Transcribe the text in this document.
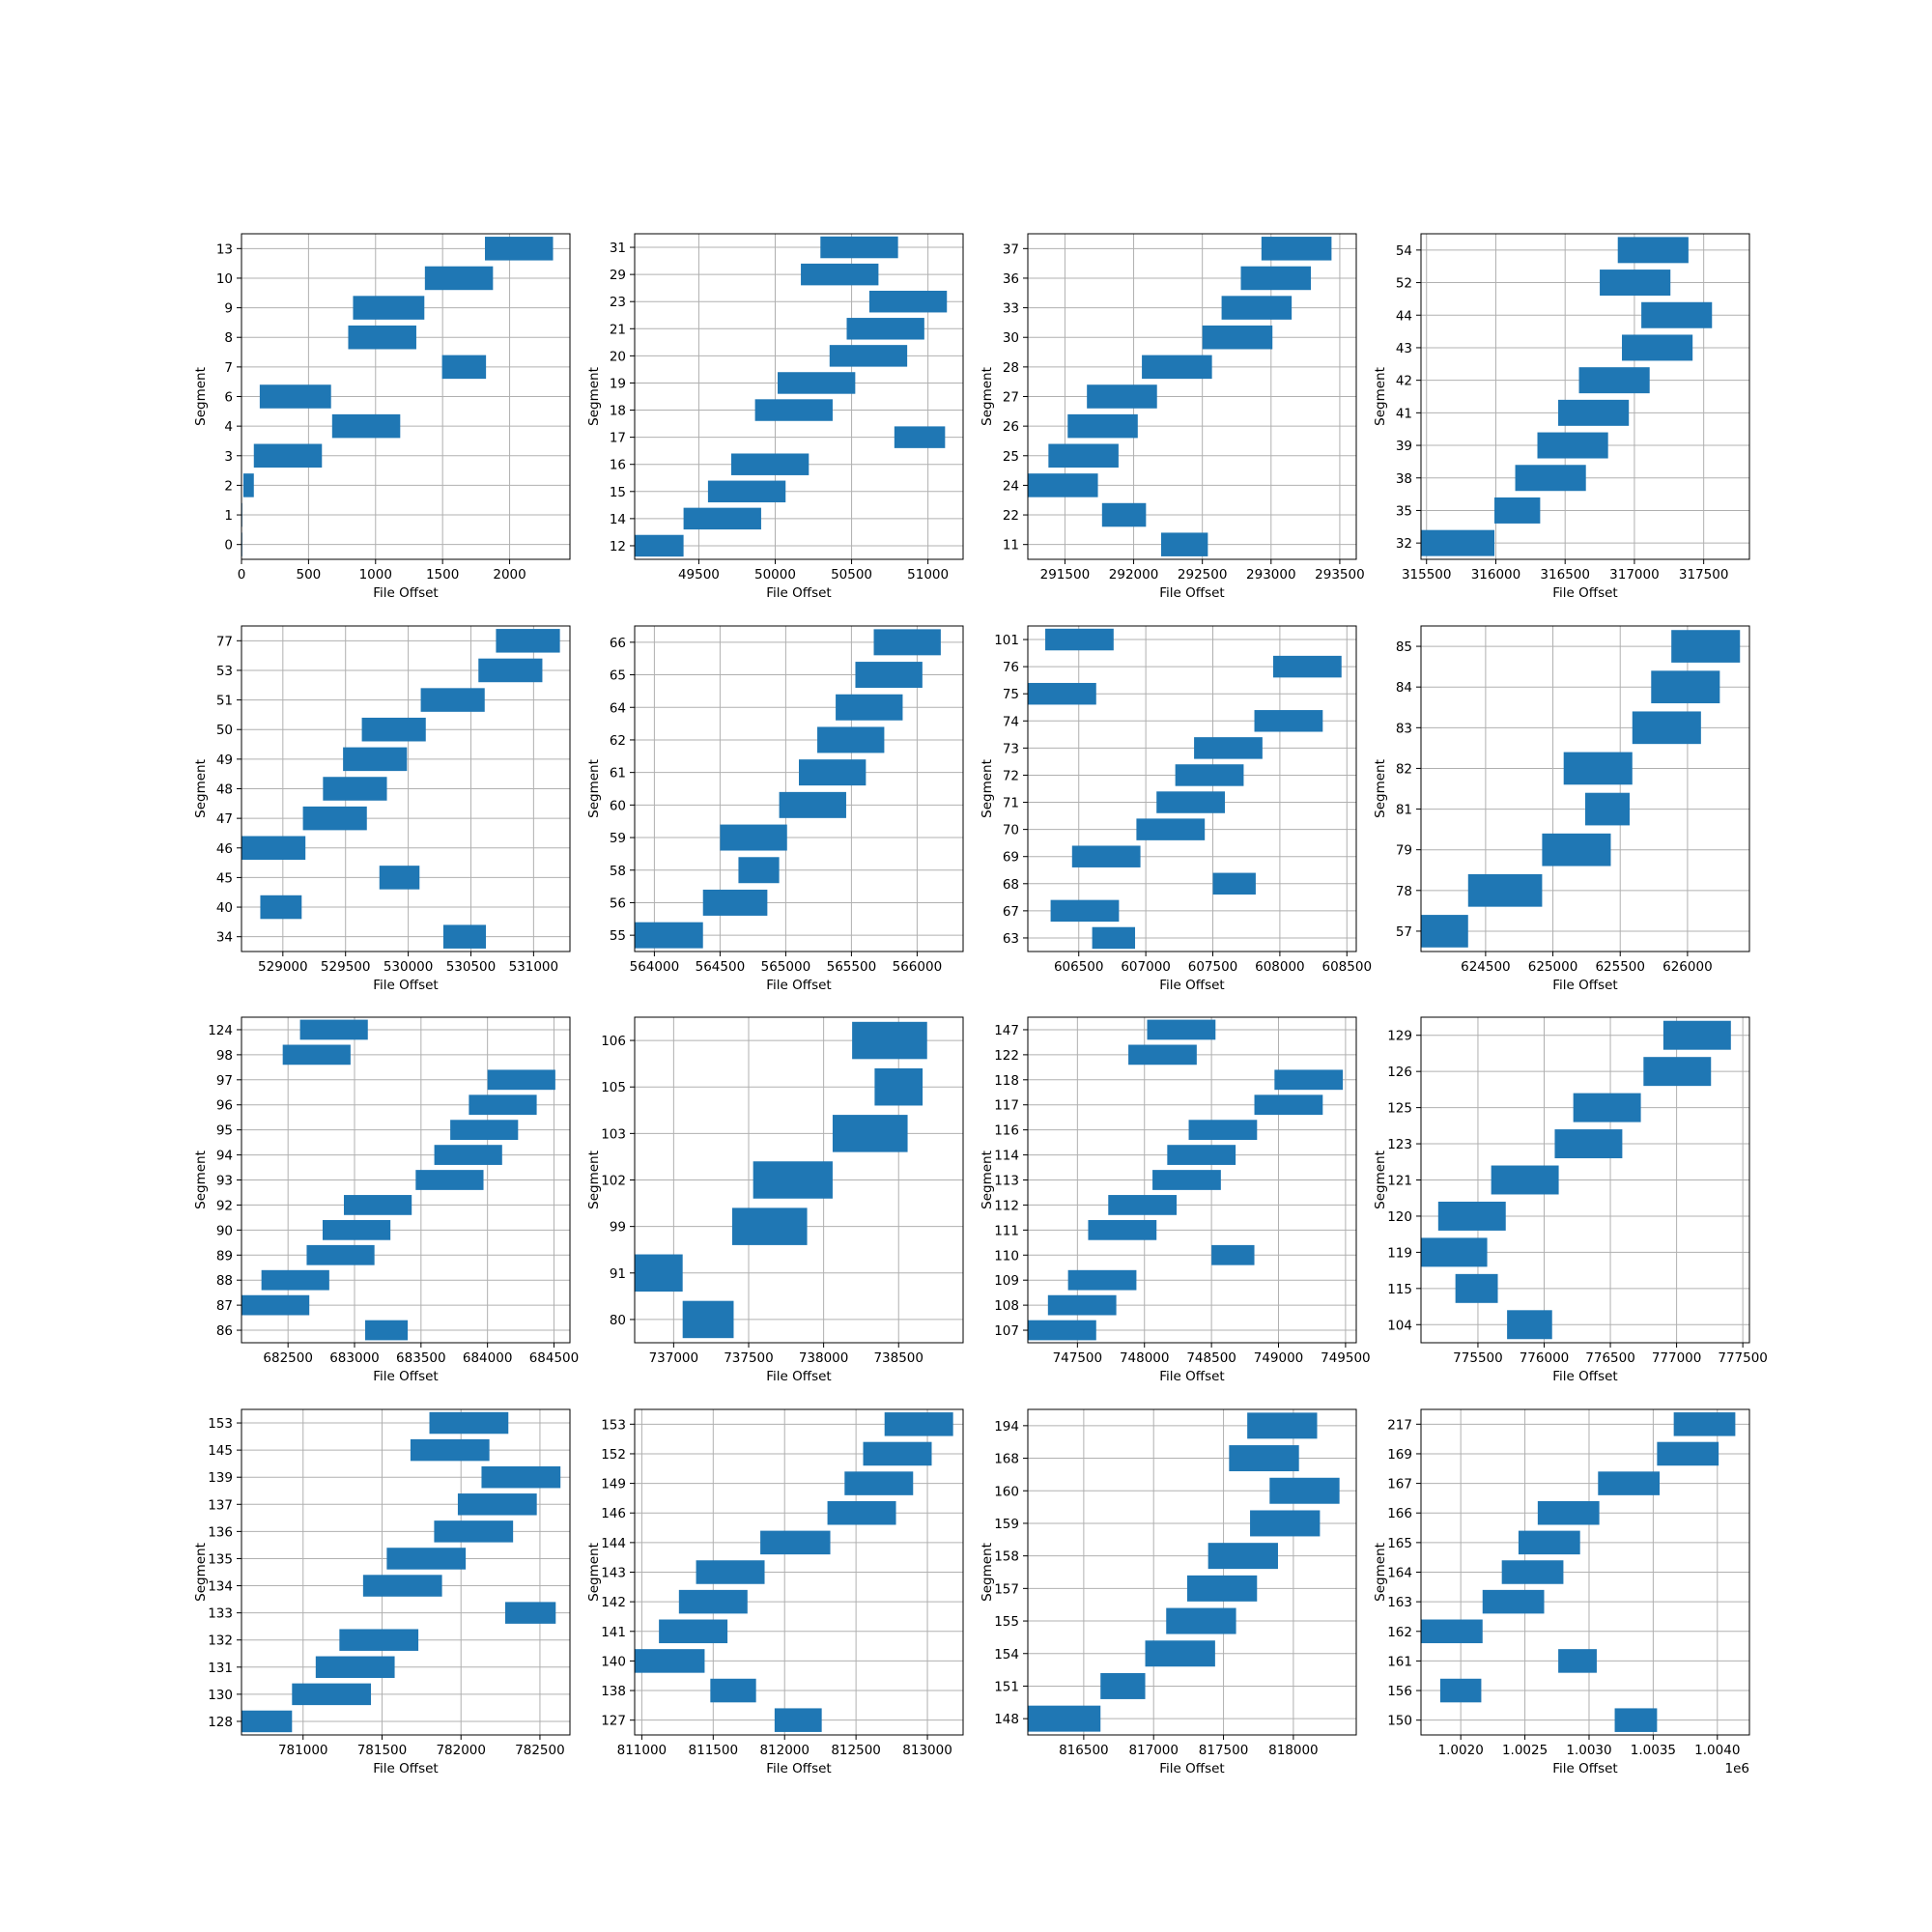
0	500	1000	1500	2000
0
1
2
3
4
6
7
8
9
10
13
File Offset
Segment
49500	50000	50500	51000
12
14
15
16
17
18
19
20
21
23
29
31
File Offset
Segment
291500 292000 292500 293000 293500
11
22
24
25
26
27
28
30
33
36
37
File Offset
Segment
315500 316000 316500 317000 317500
32
35
38
39
41
42
43
44
52
54
File Offset
Segment
529000 529500 530000 530500 531000
34
40
45
46
47
48
49
50
51
53
77
File Offset
Segment
564000 564500 565000 565500 566000
55
56
58
59
60
61
62
64
65
66
File Offset
Segment
606500 607000 607500 608000 608500
63
67
68
69
70
71
72
73
74
75
76
101
File Offset
Segment
624500 625000 625500 626000
57
78
79
81
82
83
84
85
File Offset
Segment
682500 683000 683500 684000 684500
86
87
88
89
90
92
93
94
95
96
97
98
124
File Offset
Segment
737000 737500 738000 738500
80
91
99
102
103
105
106
File Offset
Segment
747500 748000 748500 749000 749500
107
108
109
110
111
112
113
114
116
117
118
122
147
File Offset
Segment
775500 776000 776500 777000 777500
104
115
119
120
121
123
125
126
129
File Offset
Segment
781000 781500 782000 782500
128
130
131
132
133
134
135
136
137
139
145
153
File Offset
Segment
811000 811500 812000 812500 813000
127
138
140
141
142
143
144
146
149
152
153
File Offset
Segment
816500 817000 817500 818000
148
151
154
155
157
158
159
160
168
194
File Offset
Segment
1.0020 1.0025 1.0030 1.0035 1.0040
150
156
161
162
163
164
165
166
167
169
217
File Offset
Segment
1e6
